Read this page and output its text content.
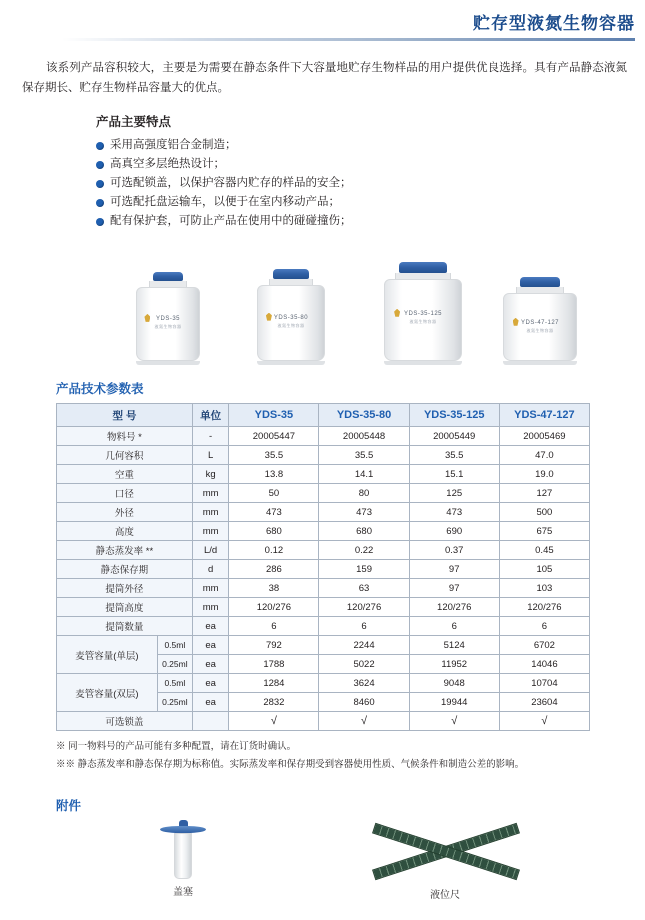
贮存型液氮生物容器
该系列产品容积较大，主要是为需要在静态条件下大容量地贮存生物样品的用户提供优良选择。具有产品静态液氮保存期长、贮存生物样品容量大的优点。
产品主要特点
采用高强度铝合金制造；
高真空多层绝热设计；
可选配锁盖，以保护容器内贮存的样品的安全；
可选配托盘运输车，以便于在室内移动产品；
配有保护套，可防止产品在使用中的碰碰撞伤；
YDS-35
液氮生物容器
YDS-35-80
液氮生物容器
YDS-35-125
液氮生物容器	YDS-47-127
液氮生物容器
产品技术参数表
型 号		单位	YDS-35	YDS-35-80	YDS-35-125	YDS-47-127
物料号 *		-	20005447	20005448	20005449	20005469
几何容积		L	35.5	35.5	35.5	47.0
空重		kg	13.8	14.1	15.1	19.0
口径		mm	50	80	125	127
外径		mm	473	473	473	500
高度		mm	680	680	690	675
静态蒸发率 **		L/d	0.12	0.22	0.37	0.45
静态保存期		d	286	159	97	105
提筒外径		mm	38	63	97	103
提筒高度		mm	120/276	120/276	120/276	120/276
提筒数量		ea	6	6	6	6
麦管容量(单层)	0.5ml	ea	792	2244	5124	6702
	0.25ml	ea	1788	5022	11952	14046
麦管容量(双层)	0.5ml	ea	1284	3624	9048	10704
	0.25ml	ea	2832	8460	19944	23604
可选锁盖			√	√	√	√
※ 同一物料号的产品可能有多种配置，请在订货时确认。
※※ 静态蒸发率和静态保存期为标称值。实际蒸发率和保存期受到容器使用性质、气候条件和制造公差的影响。
附件
盖塞	液位尺
